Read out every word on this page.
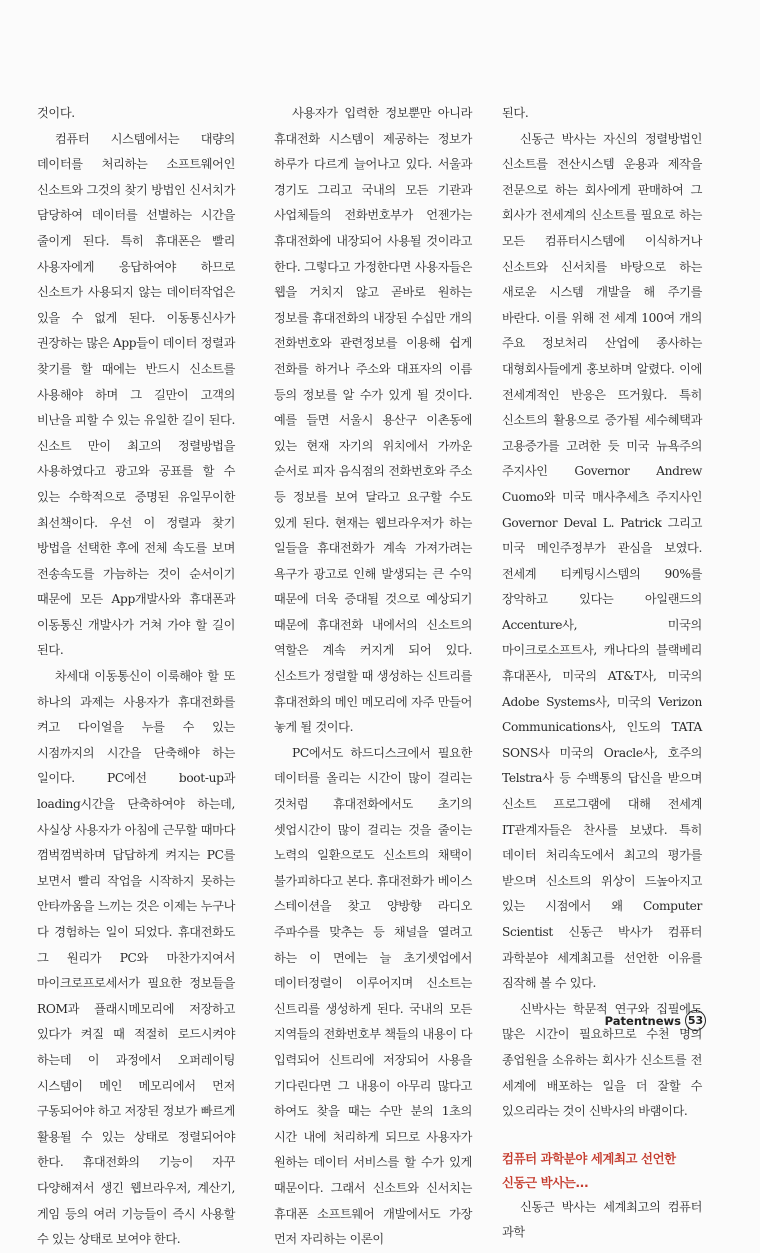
것이다.

컴퓨터 시스템에서는 대량의 데이터를 처리하는 소프트웨어인 신소트와 그것의 찾기 방법인 신서치가 담당하여 데이터를 선별하는 시간을 줄이게 된다. 특히 휴대폰은 빨리 사용자에게 응답하여야 하므로 신소트가 사용되지 않는 데이터작업은 있을 수 없게 된다. 이동통신사가 권장하는 많은 App들이 데이터 정렬과 찾기를 할 때에는 반드시 신소트를 사용해야 하며 그 길만이 고객의 비난을 피할 수 있는 유일한 길이 된다. 신소트 만이 최고의 정렬방법을 사용하였다고 광고와 공표를 할 수 있는 수학적으로 증명된 유일무이한 최선책이다. 우선 이 정렬과 찾기 방법을 선택한 후에 전체 속도를 보며 전송속도를 가늠하는 것이 순서이기 때문에 모든 App개발사와 휴대폰과 이동통신 개발사가 거쳐 가야 할 길이 된다.

차세대 이동통신이 이룩해야 할 또 하나의 과제는 사용자가 휴대전화를 켜고 다이얼을 누를 수 있는 시점까지의 시간을 단축해야 하는 일이다. PC에선 boot-up과 loading시간을 단축하여야 하는데, 사실상 사용자가 아침에 근무할 때마다 껌벅껌벅하며 답답하게 켜지는 PC를 보면서 빨리 작업을 시작하지 못하는 안타까움을 느끼는 것은 이제는 누구나 다 경험하는 일이 되었다. 휴대전화도 그 원리가 PC와 마찬가지여서 마이크로프로세서가 필요한 정보들을 ROM과 플래시메모리에 저장하고 있다가 켜질 때 적절히 로드시켜야 하는데 이 과정에서 오퍼레이팅 시스템이 메인 메모리에서 먼저 구동되어야 하고 저장된 정보가 빠르게 활용될 수 있는 상태로 정렬되어야 한다. 휴대전화의 기능이 자꾸 다양해져서 생긴 웹브라우저, 계산기, 게임 등의 여러 기능들이 즉시 사용할 수 있는 상태로 보여야 한다.

사용자가 입력한 정보뿐만 아니라 휴대전화 시스템이 제공하는 정보가 하루가 다르게 늘어나고 있다. 서울과 경기도 그리고 국내의 모든 기관과 사업체들의 전화번호부가 언젠가는 휴대전화에 내장되어 사용될 것이라고 한다. 그렇다고 가정한다면 사용자들은 웹을 거치지 않고 곧바로 원하는 정보를 휴대전화의 내장된 수십만 개의 전화번호와 관련정보를 이용해 쉽게 전화를 하거나 주소와 대표자의 이름 등의 정보를 알 수가 있게 될 것이다. 예를 들면 서울시 용산구 이촌동에 있는 현재 자기의 위치에서 가까운 순서로 피자 음식점의 전화번호와 주소 등 정보를 보여 달라고 요구할 수도 있게 된다. 현재는 웹브라우저가 하는 일들을 휴대전화가 계속 가져가려는 욕구가 광고로 인해 발생되는 큰 수익 때문에 더욱 증대될 것으로 예상되기 때문에 휴대전화 내에서의 신소트의 역할은 계속 커지게 되어 있다. 신소트가 정렬할 때 생성하는 신트리를 휴대전화의 메인 메모리에 자주 만들어 놓게 될 것이다.

PC에서도 하드디스크에서 필요한 데이터를 올리는 시간이 많이 걸리는 것처럼 휴대전화에서도 초기의 셋업시간이 많이 걸리는 것을 줄이는 노력의 일환으로도 신소트의 채택이 불가피하다고 본다. 휴대전화가 베이스 스테이션을 찾고 양방향 라디오 주파수를 맞추는 등 채널을 열려고 하는 이 면에는 늘 초기셋업에서 데이터정렬이 이루어지며 신소트는 신트리를 생성하게 된다. 국내의 모든 지역들의 전화번호부 책들의 내용이 다 입력되어 신트리에 저장되어 사용을 기다린다면 그 내용이 아무리 많다고 하여도 찾을 때는 수만 분의 1초의 시간 내에 처리하게 되므로 사용자가 원하는 데이터 서비스를 할 수가 있게 때문이다. 그래서 신소트와 신서치는 휴대폰 소프트웨어 개발에서도 가장 먼저 자리하는 이론이

된다.

신동근 박사는 자신의 정렬방법인 신소트를 전산시스템 운용과 제작을 전문으로 하는 회사에게 판매하여 그 회사가 전세계의 신소트를 필요로 하는 모든 컴퓨터시스템에 이식하거나 신소트와 신서치를 바탕으로 하는 새로운 시스템 개발을 해 주기를 바란다. 이를 위해 전 세계 100여 개의 주요 정보처리 산업에 종사하는 대형회사들에게 홍보하며 알렸다. 이에 전세계적인 반응은 뜨거웠다. 특히 신소트의 활용으로 증가될 세수혜택과 고용증가를 고려한 듯 미국 뉴욕주의 주지사인 Governor Andrew Cuomo와 미국 매사추세츠 주지사인 Governor Deval L. Patrick 그리고 미국 메인주정부가 관심을 보였다. 전세계 티케팅시스템의 90%를 장악하고 있다는 아일랜드의 Accenture사, 미국의 마이크로소프트사, 캐나다의 블랙베리 휴대폰사, 미국의 AT&T사, 미국의 Adobe Systems사, 미국의 Verizon Communications사, 인도의 TATA SONS사 미국의 Oracle사, 호주의 Telstra사 등 수백통의 답신을 받으며 신소트 프로그램에 대해 전세계 IT관계자들은 찬사를 보냈다. 특히 데이터 처리속도에서 최고의 평가를 받으며 신소트의 위상이 드높아지고 있는 시점에서 왜 Computer Scientist 신동근 박사가 컴퓨터 과학분야 세계최고를 선언한 이유를 짐작해 볼 수 있다.

신박사는 학문적 연구와 집필에도 많은 시간이 필요하므로 수천 명의 종업원을 소유하는 회사가 신소트를 전 세계에 배포하는 일을 더 잘할 수 있으리라는 것이 신박사의 바램이다.

컴퓨터 과학분야 세계최고 선언한
신동근 박사는...

신동근 박사는 세계최고의 컴퓨터 과학

Patentnews 53
